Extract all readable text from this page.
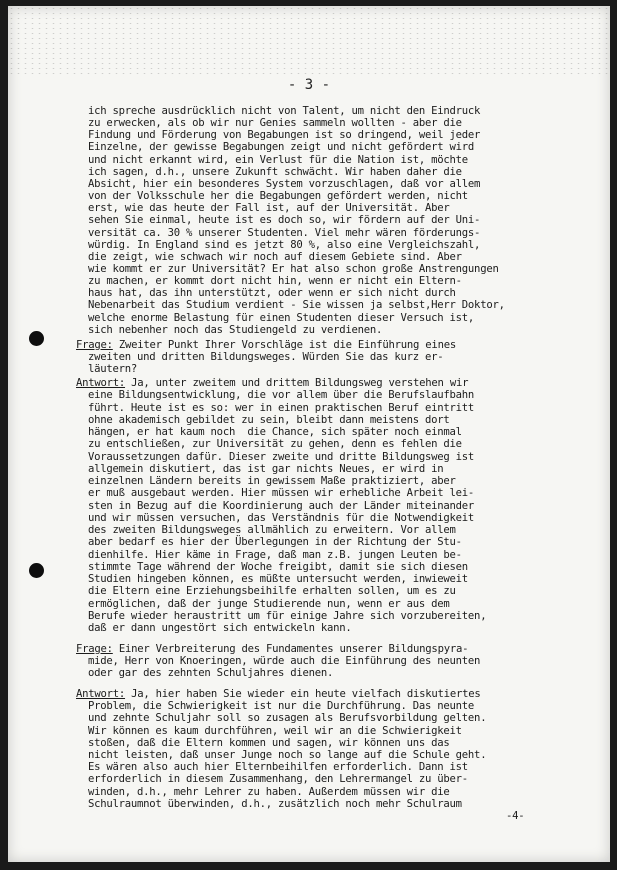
- 3 -
ich spreche ausdrücklich nicht von Talent, um nicht den Eindruck
zu erwecken, als ob wir nur Genies sammeln wollten - aber die
Findung und Förderung von Begabungen ist so dringend, weil jeder
Einzelne, der gewisse Begabungen zeigt und nicht gefördert wird
und nicht erkannt wird, ein Verlust für die Nation ist, möchte
ich sagen, d.h., unsere Zukunft schwächt. Wir haben daher die
Absicht, hier ein besonderes System vorzuschlagen, daß vor allem
von der Volksschule her die Begabungen gefördert werden, nicht
erst, wie das heute der Fall ist, auf der Universität. Aber
sehen Sie einmal, heute ist es doch so, wir fördern auf der Uni-
versität ca. 30 % unserer Studenten. Viel mehr wären förderungs-
würdig. In England sind es jetzt 80 %, also eine Vergleichszahl,
die zeigt, wie schwach wir noch auf diesem Gebiete sind. Aber
wie kommt er zur Universität? Er hat also schon große Anstrengungen
zu machen, er kommt dort nicht hin, wenn er nicht ein Eltern-
haus hat, das ihn unterstützt, oder wenn er sich nicht durch
Nebenarbeit das Studium verdient - Sie wissen ja selbst,Herr Doktor,
welche enorme Belastung für einen Studenten dieser Versuch ist,
sich nebenher noch das Studiengeld zu verdienen.
Frage: Zweiter Punkt Ihrer Vorschläge ist die Einführung eines
zweiten und dritten Bildungsweges. Würden Sie das kurz er-
läutern?
Antwort: Ja, unter zweitem und drittem Bildungsweg verstehen wir
eine Bildungsentwicklung, die vor allem über die Berufslaufbahn
führt. Heute ist es so: wer in einen praktischen Beruf eintritt
ohne akademisch gebildet zu sein, bleibt dann meistens dort
hängen, er hat kaum noch  die Chance, sich später noch einmal
zu entschließen, zur Universität zu gehen, denn es fehlen die
Voraussetzungen dafür. Dieser zweite und dritte Bildungsweg ist
allgemein diskutiert, das ist gar nichts Neues, er wird in
einzelnen Ländern bereits in gewissem Maße praktiziert, aber
er muß ausgebaut werden. Hier müssen wir erhebliche Arbeit lei-
sten in Bezug auf die Koordinierung auch der Länder miteinander
und wir müssen versuchen, das Verständnis für die Notwendigkeit
des zweiten Bildungsweges allmählich zu erweitern. Vor allem
aber bedarf es hier der Überlegungen in der Richtung der Stu-
dienhilfe. Hier käme in Frage, daß man z.B. jungen Leuten be-
stimmte Tage während der Woche freigibt, damit sie sich diesen
Studien hingeben können, es müßte untersucht werden, inwieweit
die Eltern eine Erziehungsbeihilfe erhalten sollen, um es zu
ermöglichen, daß der junge Studierende nun, wenn er aus dem
Berufe wieder heraustritt um für einige Jahre sich vorzubereiten,
daß er dann ungestört sich entwickeln kann.
Frage: Einer Verbreiterung des Fundamentes unserer Bildungspyra-
mide, Herr von Knoeringen, würde auch die Einführung des neunten
oder gar des zehnten Schuljahres dienen.
Antwort: Ja, hier haben Sie wieder ein heute vielfach diskutiertes
Problem, die Schwierigkeit ist nur die Durchführung. Das neunte
und zehnte Schuljahr soll so zusagen als Berufsvorbildung gelten.
Wir können es kaum durchführen, weil wir an die Schwierigkeit
stoßen, daß die Eltern kommen und sagen, wir können uns das
nicht leisten, daß unser Junge noch so lange auf die Schule geht.
Es wären also auch hier Elternbeihilfen erforderlich. Dann ist
erforderlich in diesem Zusammenhang, den Lehrermangel zu über-
winden, d.h., mehr Lehrer zu haben. Außerdem müssen wir die
Schulraumnot überwinden, d.h., zusätzlich noch mehr Schulraum
-4-
